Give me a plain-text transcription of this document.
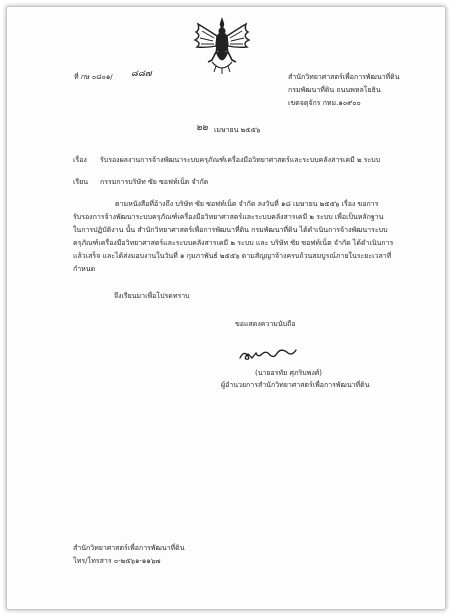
ที่ กษ ๐๘๐๑/ ๘๘๗	สำนักวิทยาศาสตร์เพื่อการพัฒนาที่ดิน
กรมพัฒนาที่ดิน ถนนพหลโยธิน
เขตจตุจักร กทม.๑๐๙๐๐
๒๒ เมษายน ๒๕๕๖
เรื่อง รับรองผลงานการจ้างพัฒนาระบบครุภัณฑ์เครื่องมือวิทยาศาสตร์และระบบคลังสารเคมี ๒ ระบบ
เรียน กรรมการบริษัท ซัย ซอฟท์เน็ต จำกัด
ตามหนังสือที่อ้างถึง บริษัท ซัย ซอฟท์เน็ต จำกัด ลงวันที่ ๑๘ เมษายน ๒๕๕๖ เรื่อง ขอการ
รับรองการจ้างพัฒนาระบบครุภัณฑ์เครื่องมือวิทยาศาสตร์และระบบคลังสารเคมี ๒ ระบบ เพื่อเป็นหลักฐาน
ในการปฏิบัติงาน นั้น สำนักวิทยาศาสตร์เพื่อการพัฒนาที่ดิน กรมพัฒนาที่ดิน ได้ดำเนินการจ้างพัฒนาระบบ
ครุภัณฑ์เครื่องมือวิทยาศาสตร์และระบบคลังสารเคมี ๒ ระบบ และ บริษัท ซัย ซอฟท์เน็ต จำกัด ได้ดำเนินการ
แล้วเสร็จ และได้ส่งมอบงานในวันที่ ๑ กุมภาพันธ์ ๒๕๕๖ ตามสัญญาจ้างครบถ้วนสมบูรณ์ภายในระยะเวลาที่
กำหนด
จึงเรียนมาเพื่อโปรดทราบ
ขอแสดงความนับถือ
(นายอรทัย ศุภริบพงศ์)
ผู้อำนวยการสำนักวิทยาศาสตร์เพื่อการพัฒนาที่ดิน
สำนักวิทยาศาสตร์เพื่อการพัฒนาที่ดิน
โทร/โทรสาร ๐-๒๕๖๑-๑๑๖๗
